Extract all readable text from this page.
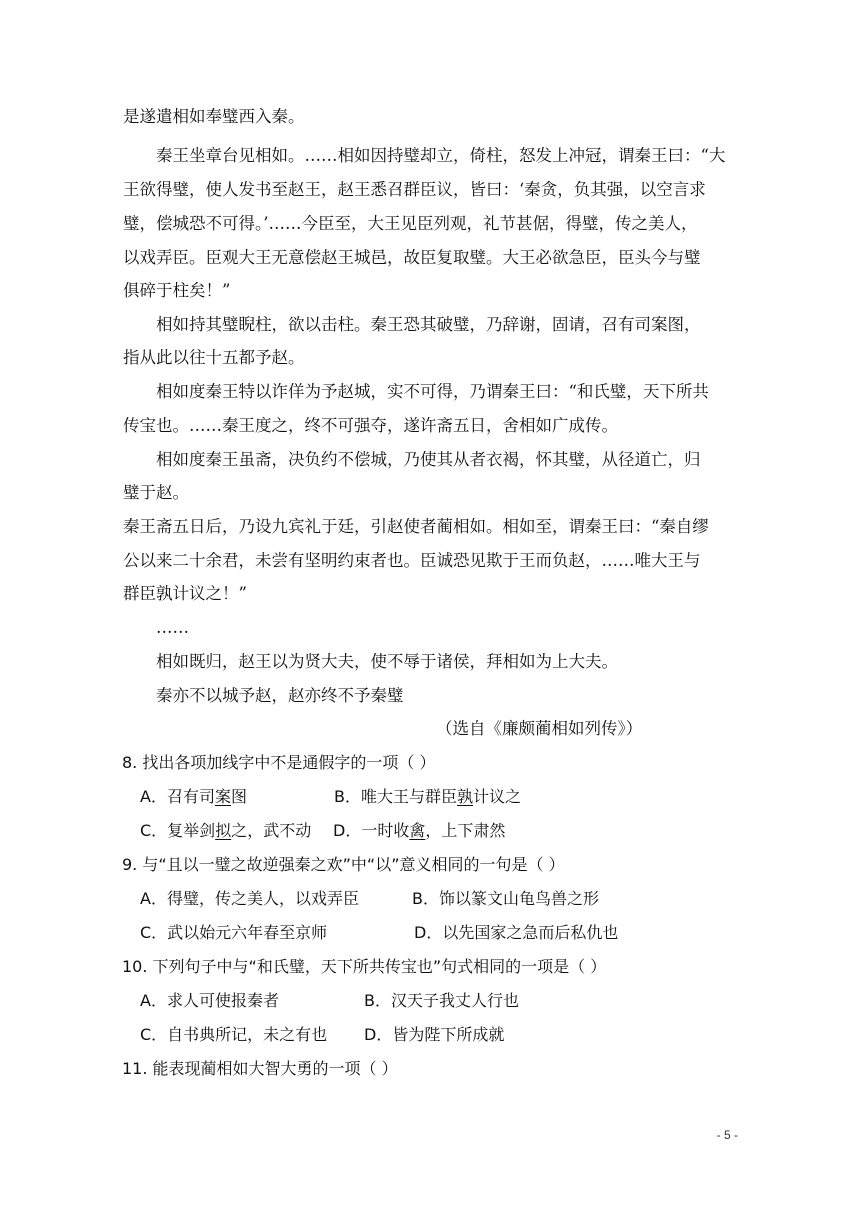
是遂遣相如奉璧西入秦。
秦王坐章台见相如。……相如因持璧却立，倚柱，怒发上冲冠，谓秦王曰：“大
王欲得璧，使人发书至赵王，赵王悉召群臣议，皆曰：‘秦贪，负其强，以空言求
璧，偿城恐不可得。’……今臣至，大王见臣列观，礼节甚倨，得璧，传之美人，
以戏弄臣。臣观大王无意偿赵王城邑，故臣复取璧。大王必欲急臣，臣头今与璧
俱碎于柱矣！”
相如持其璧睨柱，欲以击柱。秦王恐其破璧，乃辞谢，固请，召有司案图，
指从此以往十五都予赵。
相如度秦王特以诈佯为予赵城，实不可得，乃谓秦王曰：“和氏璧，天下所共
传宝也。……秦王度之，终不可强夺，遂许斋五日，舍相如广成传。
相如度秦王虽斋，决负约不偿城，乃使其从者衣褐，怀其璧，从径道亡，归
璧于赵。
秦王斋五日后，乃设九宾礼于廷，引赵使者蔺相如。相如至，谓秦王曰：“秦自缪
公以来二十余君，未尝有坚明约束者也。臣诚恐见欺于王而负赵，……唯大王与
群臣孰计议之！”
……
相如既归，赵王以为贤大夫，使不辱于诸侯，拜相如为上大夫。
秦亦不以城予赵，赵亦终不予秦璧
（选自《廉颇蔺相如列传》）
8. 找出各项加线字中不是通假字的一项（ ）
A．召有司案图	B．唯大王与群臣孰计议之
C．复举剑拟之，武不动 D．一时收禽，上下肃然
9. 与“且以一璧之故逆强秦之欢”中“以”意义相同的一句是（ ）
A．得璧，传之美人，以戏弄臣	B．饰以篆文山龟鸟兽之形
C．武以始元六年春至京师	D．以先国家之急而后私仇也
10. 下列句子中与“和氏璧，天下所共传宝也”句式相同的一项是（ ）
A．求人可使报秦者	B．汉天子我丈人行也
C．自书典所记，未之有也 D．皆为陛下所成就
11. 能表现蔺相如大智大勇的一项（ ）
- 5 -
